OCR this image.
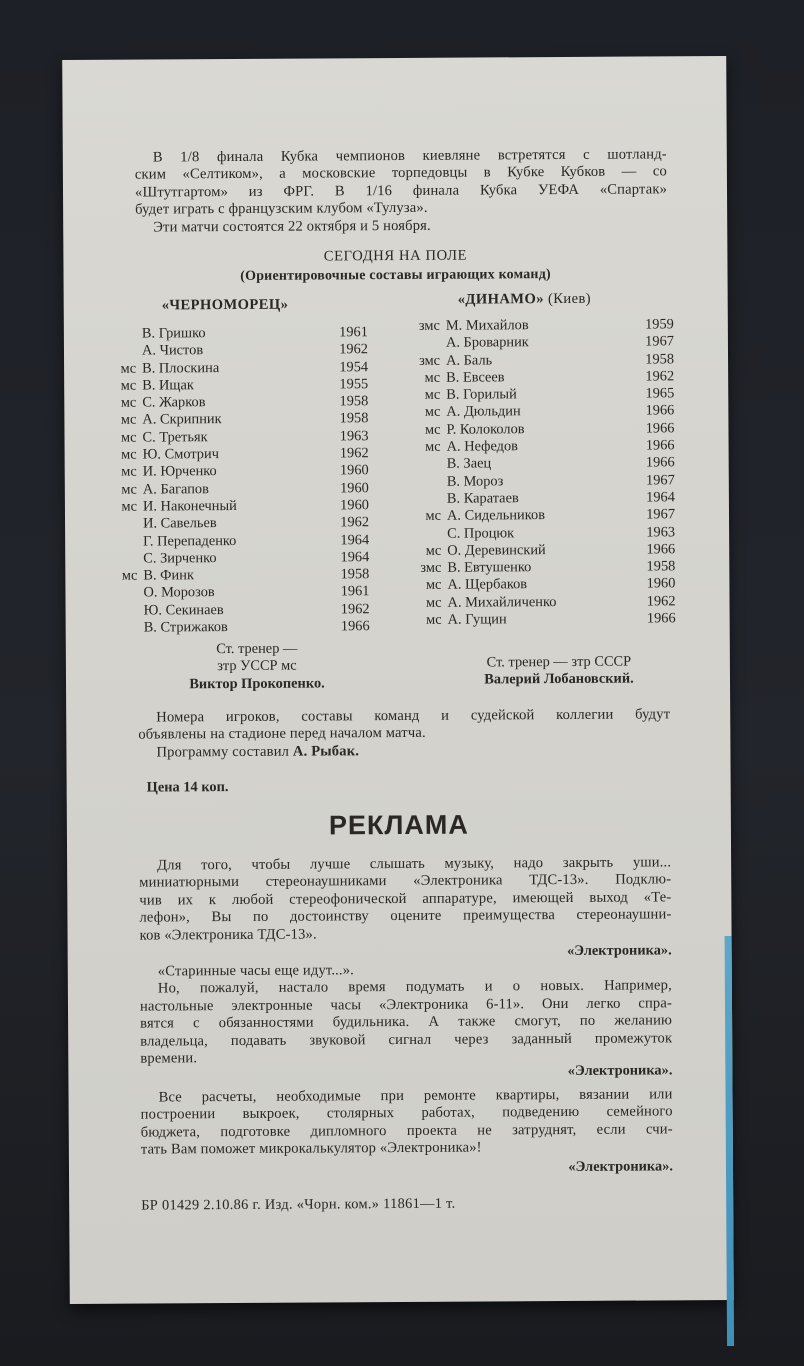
В 1/8 финала Кубка чемпионов киевляне встретятся с шотланд-
ским «Селтиком», а московские торпедовцы в Кубке Кубков — со
«Штутгартом» из ФРГ. В 1/16 финала Кубка УЕФА «Спартак»
будет играть с французским клубом «Тулуза».
Эти матчи состоятся 22 октября и 5 ноября.
СЕГОДНЯ НА ПОЛЕ
(Ориентировочные составы играющих команд)
«ЧЕРНОМОРЕЦ»	«ДИНАМО» (Киев)
В. Гришко	1961
А. Чистов	1962
мс В. Плоскина	1954
мс В. Ищак	1955
мс С. Жарков	1958
мс А. Скрипник	1958
мс С. Третьяк	1963
мс Ю. Смотрич	1962
мс И. Юрченко	1960
мс А. Багапов	1960
мс И. Наконечный	1960
И. Савельев	1962
Г. Перепаденко	1964
С. Зирченко	1964
мс В. Финк	1958
О. Морозов	1961
Ю. Секинаев	1962
В. Стрижаков	1966
змс М. Михайлов	1959
А. Броварник	1967
змс А. Баль	1958
мс В. Евсеев	1962
мс В. Горилый	1965
мс А. Дюльдин	1966
мс Р. Колоколов	1966
мс А. Нефедов	1966
В. Заец	1966
В. Мороз	1967
В. Каратаев	1964
мс А. Сидельников	1967
С. Процюк	1963
мс О. Деревинский	1966
змс В. Евтушенко	1958
мс А. Щербаков	1960
мс А. Михайличенко	1962
мс А. Гущин	1966
Ст. тренер —
зтр УССР мс
Виктор Прокопенко.
Ст. тренер — зтр СССР
Валерий Лобановский.
Номера игроков, составы команд и судейской коллегии будут
объявлены на стадионе перед началом матча.
Программу составил А. Рыбак.
Цена 14 коп.
РЕКЛАМА
Для того, чтобы лучше слышать музыку, надо закрыть уши...
миниатюрными стереонаушниками «Электроника ТДС-13». Подклю-
чив их к любой стереофонической аппаратуре, имеющей выход «Те-
лефон», Вы по достоинству оцените преимущества стереонаушни-
ков «Электроника ТДС-13».
«Электроника».
«Старинные часы еще идут...».
Но, пожалуй, настало время подумать и о новых. Например,
настольные электронные часы «Электроника 6-11». Они легко спра-
вятся с обязанностями будильника. А также смогут, по желанию
владельца, подавать звуковой сигнал через заданный промежуток
времени.
«Электроника».
Все расчеты, необходимые при ремонте квартиры, вязании или
построении выкроек, столярных работах, подведению семейного
бюджета, подготовке дипломного проекта не затруднят, если счи-
тать Вам поможет микрокалькулятор «Электроника»!
«Электроника».
БР 01429 2.10.86 г. Изд. «Чорн. ком.» 11861—1 т.
